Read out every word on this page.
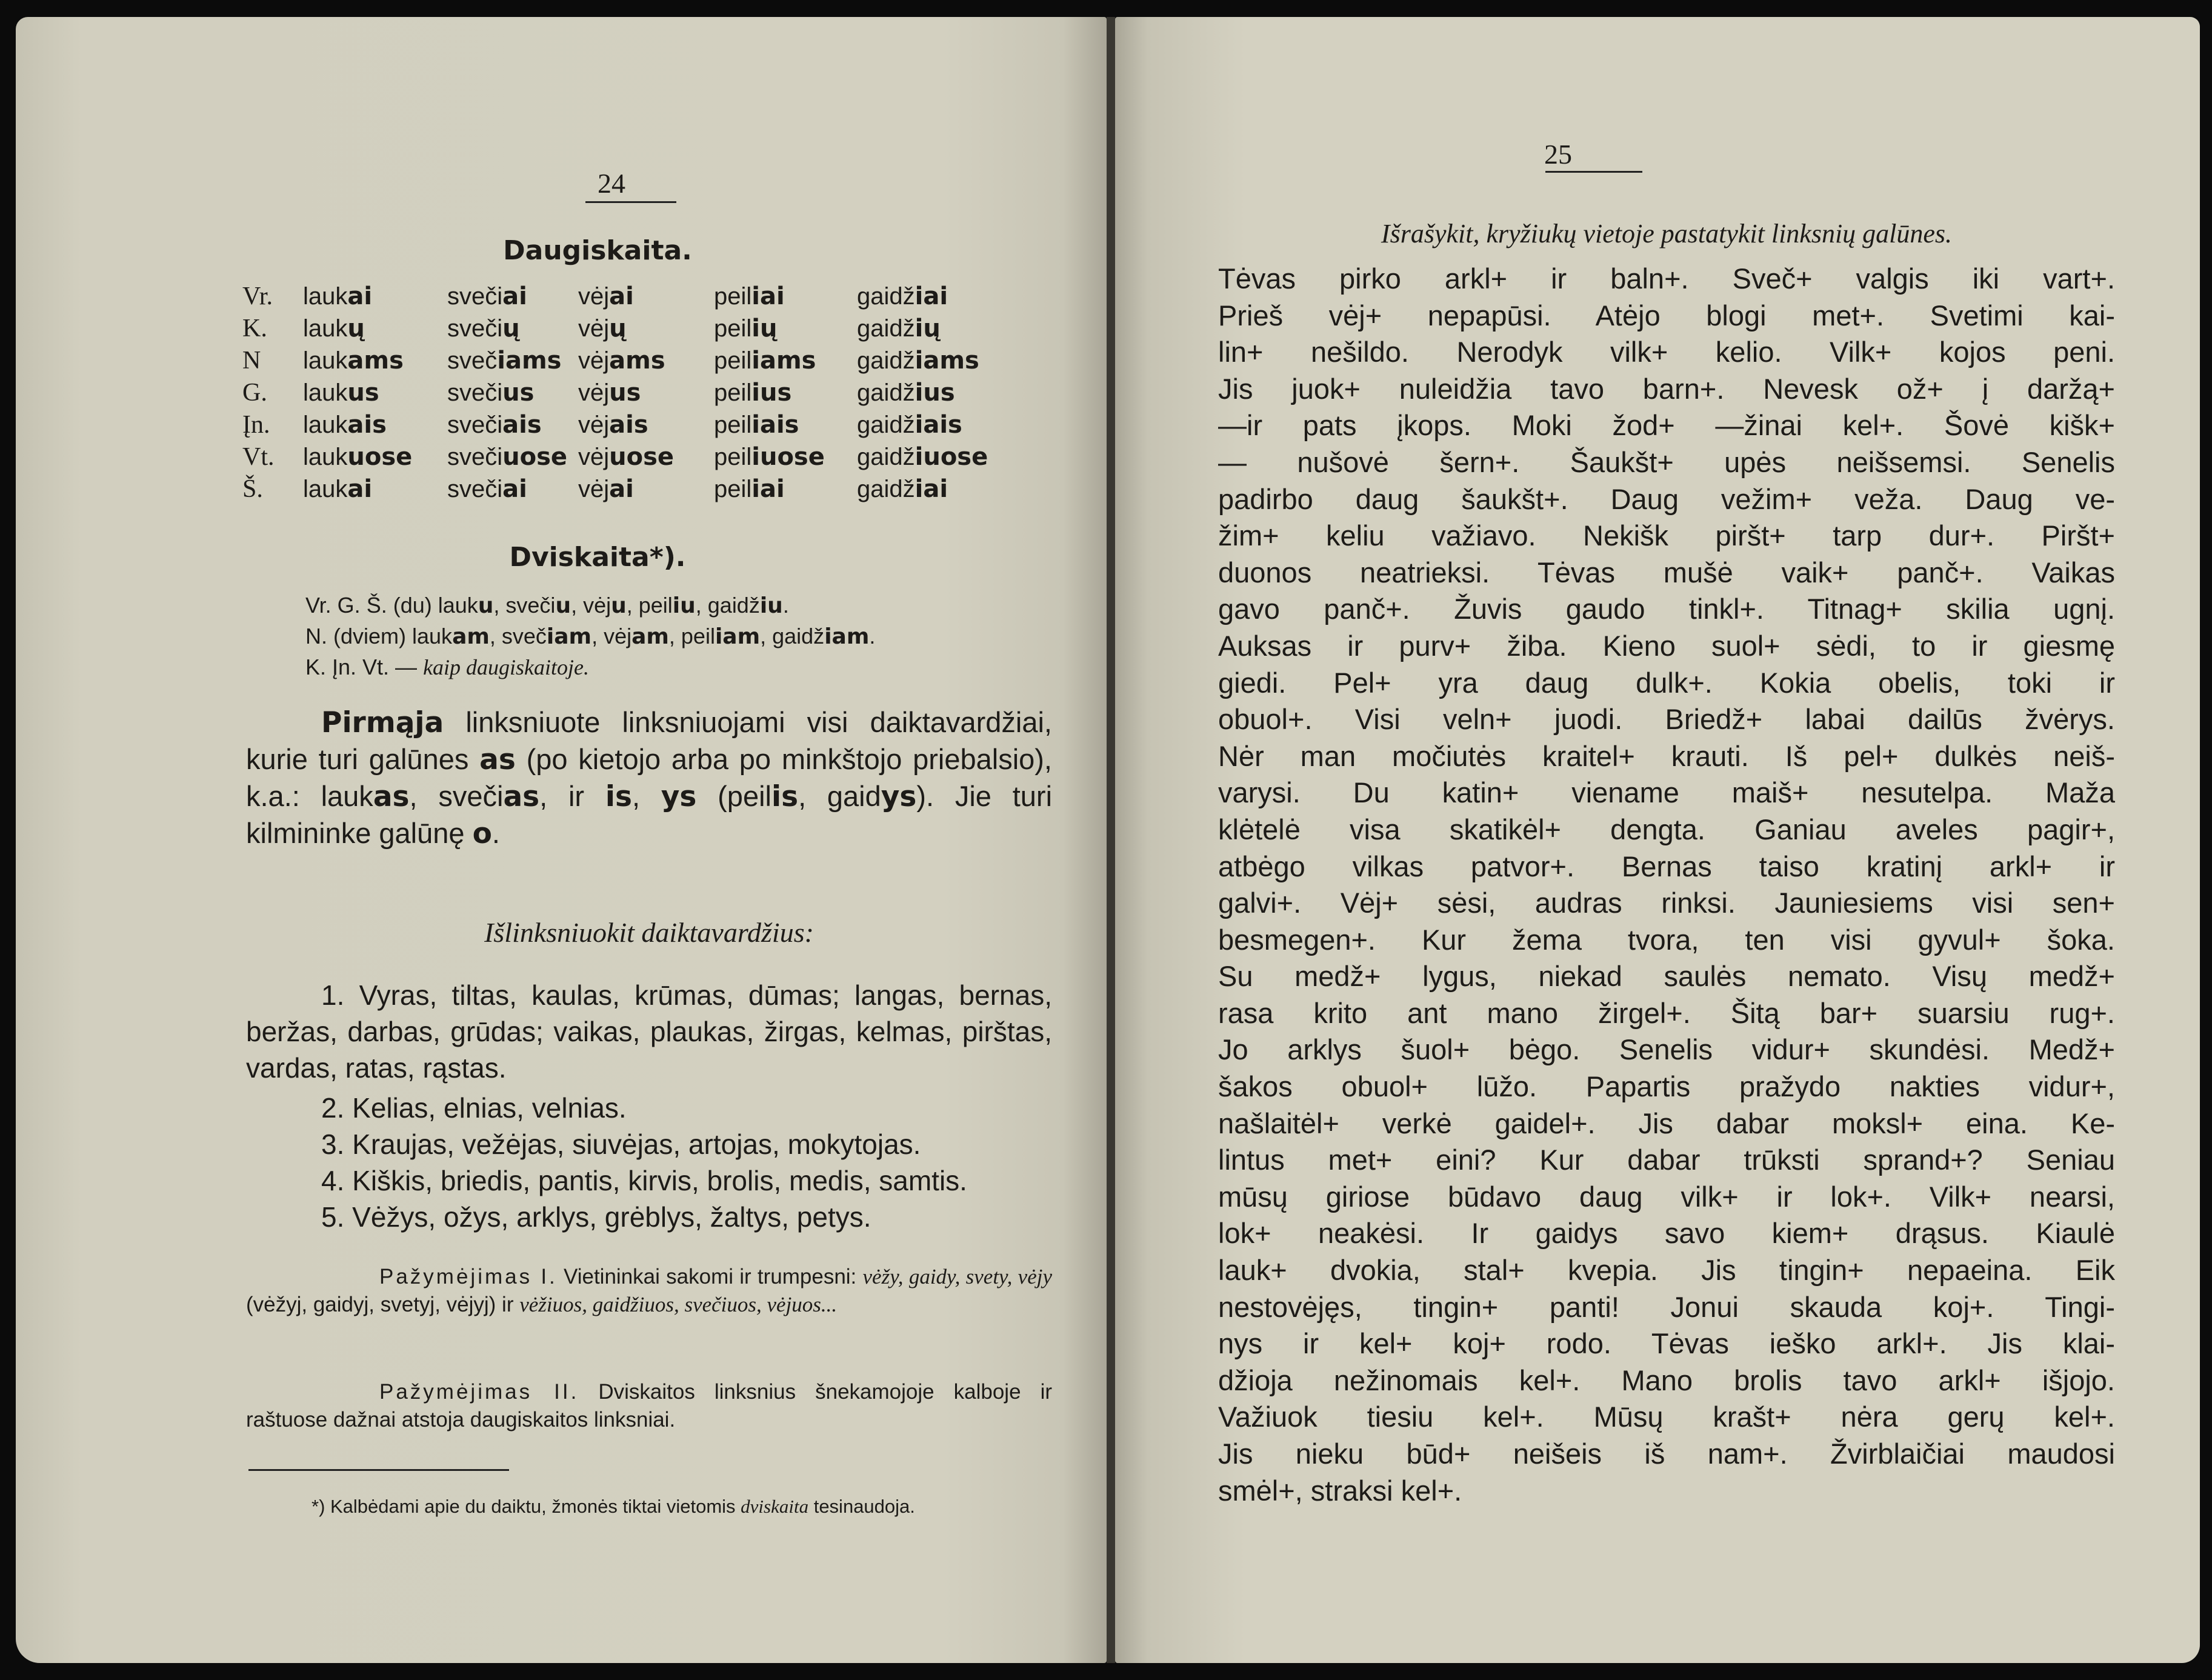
24
Daugiskaita.
Vr.	laukai	svečiai	vėjai	peiliai	gaidžiai
K.	laukų	svečių	vėjų	peilių	gaidžių
N	laukams	svečiams	vėjams	peiliams	gaidžiams
G.	laukus	svečius	vėjus	peilius	gaidžius
Įn.	laukais	svečiais	vėjais	peiliais	gaidžiais
Vt.	laukuose	svečiuose	vėjuose	peiliuose	gaidžiuose
Š.	laukai	svečiai	vėjai	peiliai	gaidžiai
Dviskaita*).

Vr. G. Š. (du) lauku, svečiu, vėju, peiliu, gaidžiu.

N. (dviem) laukam, svečiam, vėjam, peiliam, gaidžiam.

K. Įn. Vt. — kaip daugiskaitoje.

Pirmąja linksniuote linksniuojami visi daiktavardžiai, kurie turi galūnes as (po kietojo arba po minkštojo priebalsio), k.a.: laukas, svečias, ir is, ys (peilis, gaidys). Jie turi kilmininke galūnę o.

Išlinksniuokit daiktavardžius:

1. Vyras, tiltas, kaulas, krūmas, dūmas; langas, bernas, beržas, darbas, grūdas; vaikas, plaukas, žirgas, kelmas, pirštas, vardas, ratas, rąstas.

2. Kelias, elnias, velnias.

3. Kraujas, vežėjas, siuvėjas, artojas, mokytojas.

4. Kiškis, briedis, pantis, kirvis, brolis, medis, samtis.

5. Vėžys, ožys, arklys, grėblys, žaltys, petys.

Pažymėjimas I. Vietininkai sakomi ir trumpesni: vėžy, gaidy, svety, vėjy (vėžyj, gaidyj, svetyj, vėjyj) ir vėžiuos, gaidžiuos, svečiuos, vėjuos...

Pažymėjimas II. Dviskaitos linksnius šnekamojoje kalboje ir raštuose dažnai atstoja daugiskaitos linksniai.

*) Kalbėdami apie du daiktu, žmonės tiktai vietomis dviskaita tesinaudoja.

25
Išrašykit, kryžiukų vietoje pastatykit linksnių galūnes.
Tėvas pirko arkl+ ir baln+. Sveč+ valgis iki vart+.
Prieš vėj+ nepapūsi. Atėjo blogi met+. Svetimi kai-
lin+ nešildo. Nerodyk vilk+ kelio. Vilk+ kojos peni.
Jis juok+ nuleidžia tavo barn+. Nevesk ož+ į daržą+
—ir pats įkops. Moki žod+ —žinai kel+. Šovė kišk+
— nušovė šern+. Šaukšt+ upės neišsemsi. Senelis
padirbo daug šaukšt+. Daug vežim+ veža. Daug ve-
žim+ keliu važiavo. Nekišk piršt+ tarp dur+. Piršt+
duonos neatrieksi. Tėvas mušė vaik+ panč+. Vaikas
gavo panč+. Žuvis gaudo tinkl+. Titnag+ skilia ugnį.
Auksas ir purv+ žiba. Kieno suol+ sėdi, to ir giesmę
giedi. Pel+ yra daug dulk+. Kokia obelis, toki ir
obuol+. Visi veln+ juodi. Briedž+ labai dailūs žvėrys.
Nėr man močiutės kraitel+ krauti. Iš pel+ dulkės neiš-
varysi. Du katin+ viename maiš+ nesutelpa. Maža
klėtelė visa skatikėl+ dengta. Ganiau aveles pagir+,
atbėgo vilkas patvor+. Bernas taiso kratinį arkl+ ir
galvi+. Vėj+ sėsi, audras rinksi. Jauniesiems visi sen+
besmegen+. Kur žema tvora, ten visi gyvul+ šoka.
Su medž+ lygus, niekad saulės nemato. Visų medž+
rasa krito ant mano žirgel+. Šitą bar+ suarsiu rug+.
Jo arklys šuol+ bėgo. Senelis vidur+ skundėsi. Medž+
šakos obuol+ lūžo. Papartis pražydo nakties vidur+,
našlaitėl+ verkė gaidel+. Jis dabar moksl+ eina. Ke-
lintus met+ eini? Kur dabar trūksti sprand+? Seniau
mūsų giriose būdavo daug vilk+ ir lok+. Vilk+ nearsi,
lok+ neakėsi. Ir gaidys savo kiem+ drąsus. Kiaulė
lauk+ dvokia, stal+ kvepia. Jis tingin+ nepaeina. Eik
nestovėjęs, tingin+ panti! Jonui skauda koj+. Tingi-
nys ir kel+ koj+ rodo. Tėvas ieško arkl+. Jis klai-
džioja nežinomais kel+. Mano brolis tavo arkl+ išjojo.
Važiuok tiesiu kel+. Mūsų krašt+ nėra gerų kel+.
Jis nieku būd+ neišeis iš nam+. Žvirblaičiai maudosi
smėl+, straksi kel+.
